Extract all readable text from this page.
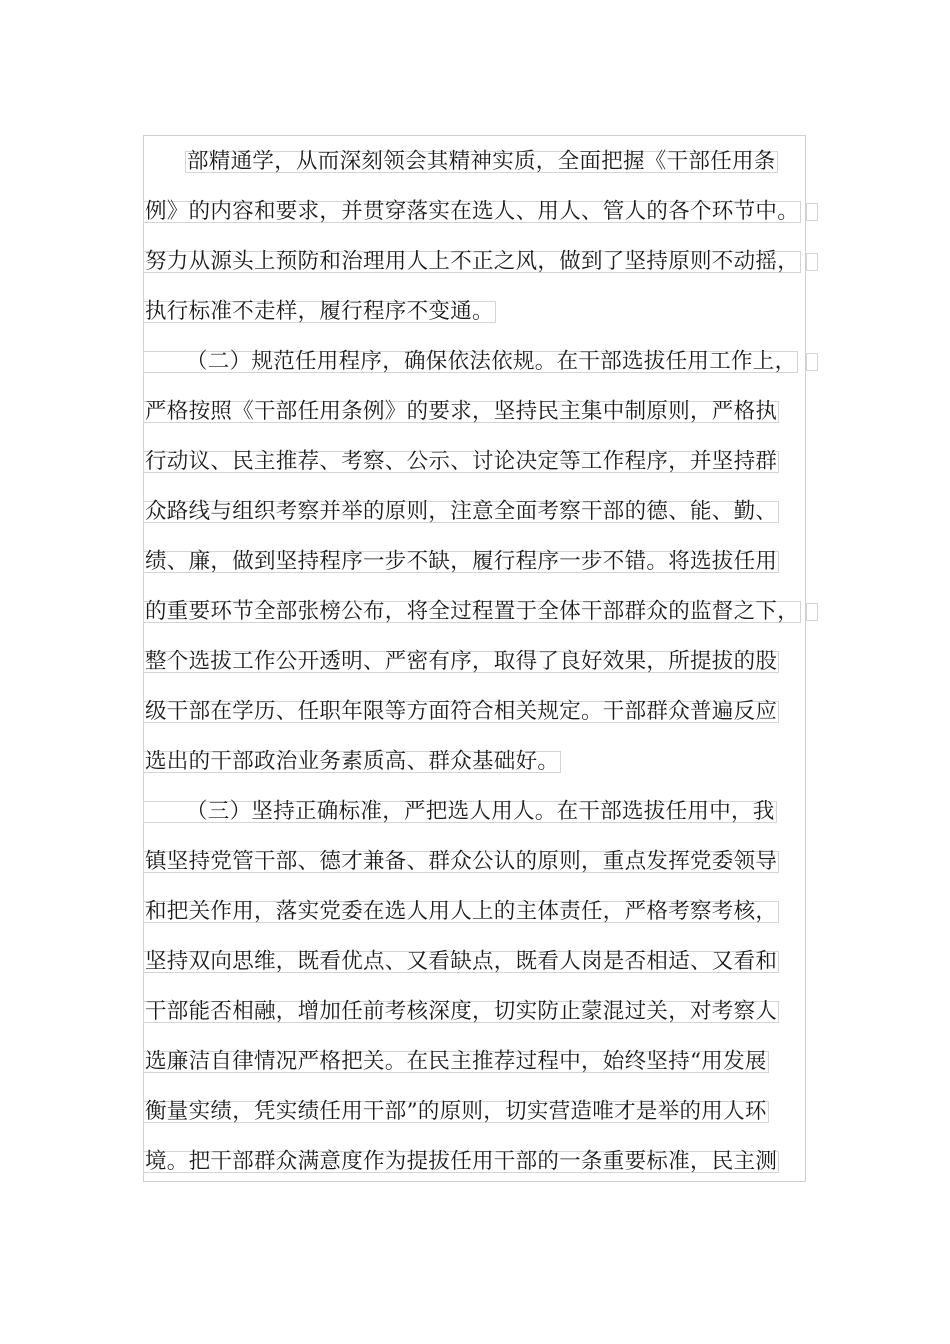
部精通学，从而深刻领会其精神实质，全面把握《干部任用条
例》的内容和要求，并贯穿落实在选人、用人、管人的各个环节中。
努力从源头上预防和治理用人上不正之风，做到了坚持原则不动摇，
执行标准不走样，履行程序不变通。
（二）规范任用程序，确保依法依规。在干部选拔任用工作上，
严格按照《干部任用条例》的要求，坚持民主集中制原则，严格执
行动议、民主推荐、考察、公示、讨论决定等工作程序，并坚持群
众路线与组织考察并举的原则，注意全面考察干部的德、能、勤、
绩、廉，做到坚持程序一步不缺，履行程序一步不错。将选拔任用
的重要环节全部张榜公布，将全过程置于全体干部群众的监督之下，
整个选拔工作公开透明、严密有序，取得了良好效果，所提拔的股
级干部在学历、任职年限等方面符合相关规定。干部群众普遍反应
选出的干部政治业务素质高、群众基础好。
（三）坚持正确标准，严把选人用人。在干部选拔任用中，我
镇坚持党管干部、德才兼备、群众公认的原则，重点发挥党委领导
和把关作用，落实党委在选人用人上的主体责任，严格考察考核，
坚持双向思维，既看优点、又看缺点，既看人岗是否相适、又看和
干部能否相融，增加任前考核深度，切实防止蒙混过关，对考察人
选廉洁自律情况严格把关。在民主推荐过程中，始终坚持“用发展
衡量实绩，凭实绩任用干部”的原则，切实营造唯才是举的用人环
境。把干部群众满意度作为提拔任用干部的一条重要标准，民主测
